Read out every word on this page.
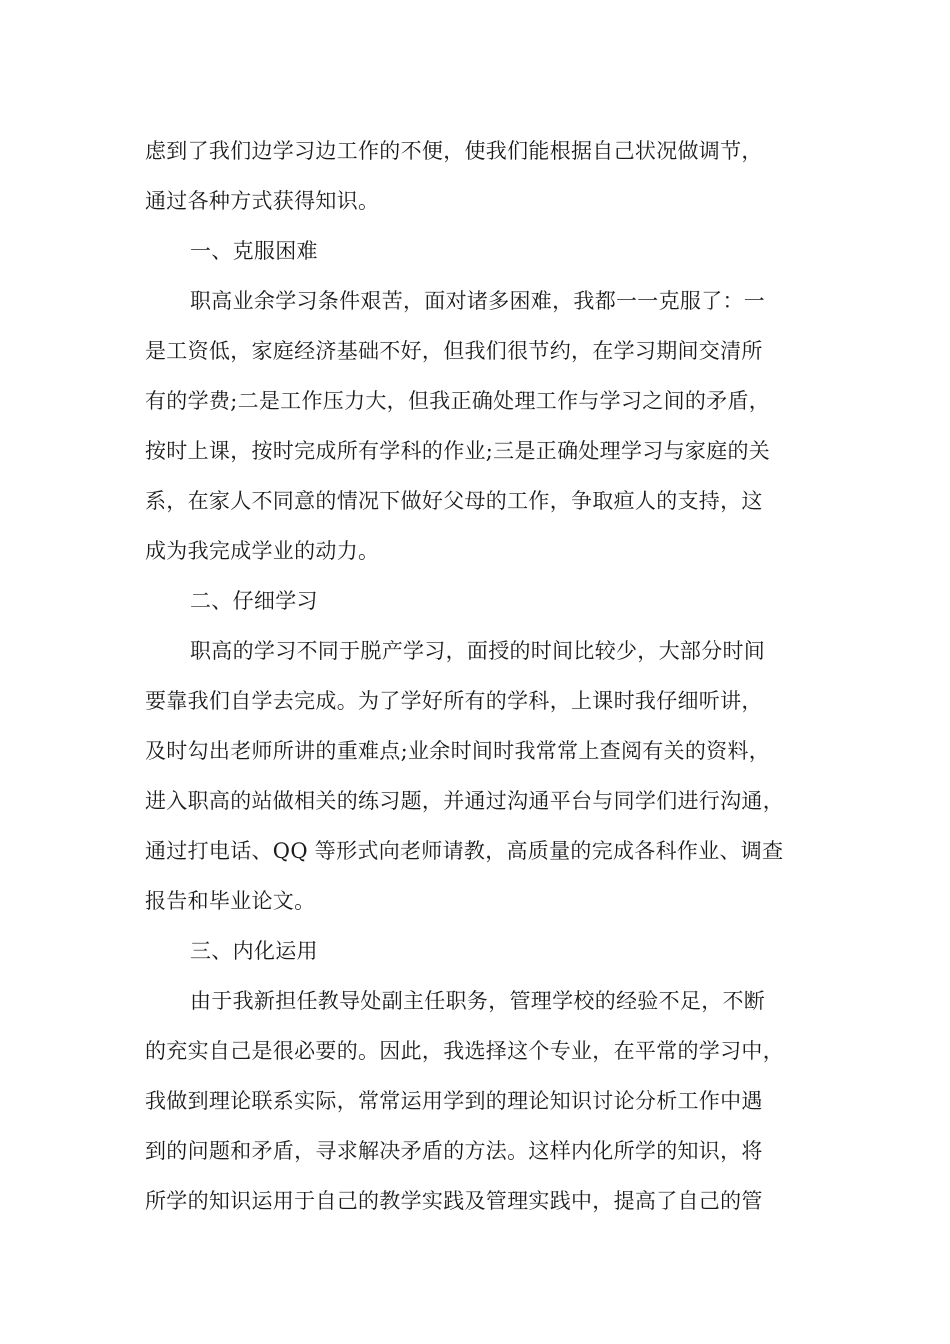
虑到了我们边学习边工作的不便，使我们能根据自己状况做调节，
通过各种方式获得知识。
一、克服困难
职高业余学习条件艰苦，面对诸多困难，我都一一克服了：一
是工资低，家庭经济基础不好，但我们很节约，在学习期间交清所
有的学费;二是工作压力大，但我正确处理工作与学习之间的矛盾，
按时上课，按时完成所有学科的作业;三是正确处理学习与家庭的关
系，在家人不同意的情况下做好父母的工作，争取疸人的支持，这
成为我完成学业的动力。
二、仔细学习
职高的学习不同于脱产学习，面授的时间比较少，大部分时间
要靠我们自学去完成。为了学好所有的学科，上课时我仔细听讲，
及时勾出老师所讲的重难点;业余时间时我常常上查阅有关的资料，
进入职高的站做相关的练习题，并通过沟通平台与同学们进行沟通，
通过打电话、QQ 等形式向老师请教，高质量的完成各科作业、调查
报告和毕业论文。
三、内化运用
由于我新担任教导处副主任职务，管理学校的经验不足，不断
的充实自己是很必要的。因此，我选择这个专业，在平常的学习中，
我做到理论联系实际，常常运用学到的理论知识讨论分析工作中遇
到的问题和矛盾，寻求解决矛盾的方法。这样内化所学的知识，将
所学的知识运用于自己的教学实践及管理实践中，提高了自己的管
